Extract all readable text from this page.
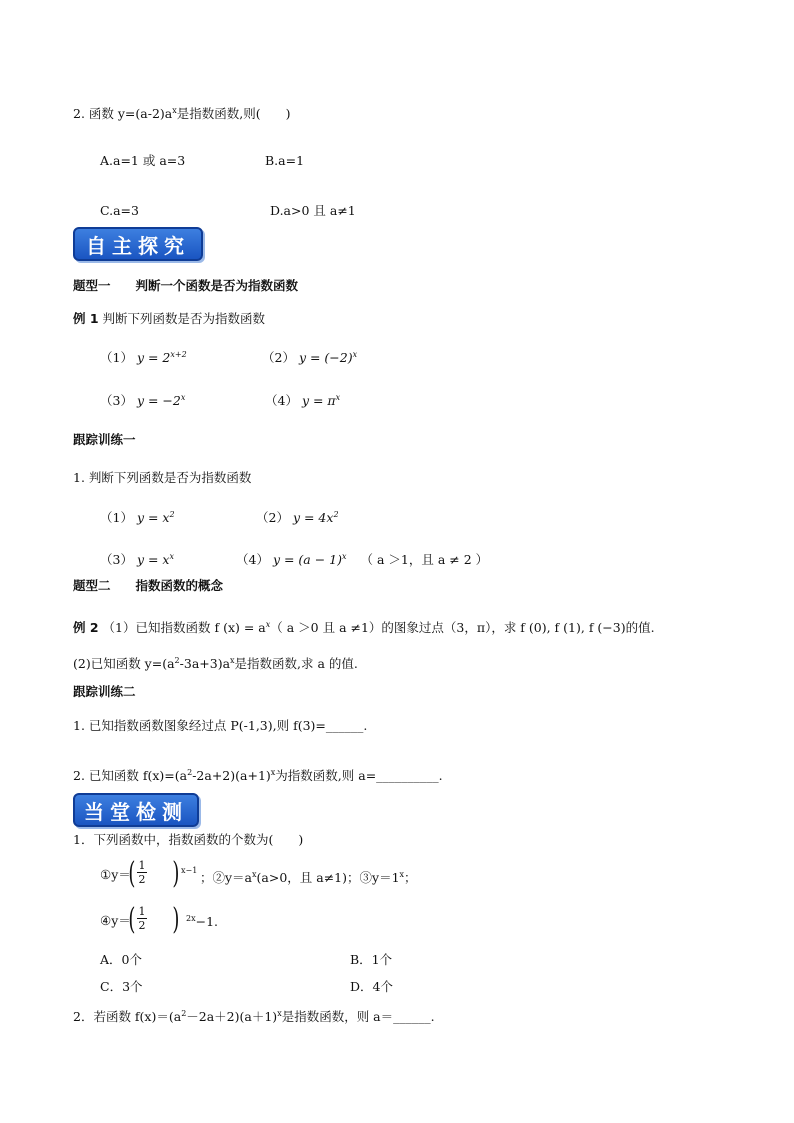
2. 函数 $y=(a-2)a^x$是指数函数,则(　　)
A.a=1 或 a=3	B.a=1
C.a=3	D.a>0 且 a≠1
自主探究
题型一　　判断一个函数是否为指数函数
例 1 判断下列函数是否为指数函数
（1） $y = 2^{x+2}$	（2） $y = (-2)^x$
（3） $y = -2^x$	（4） $y = \pi^x$
跟踪训练一
1. 判断下列函数是否为指数函数
（1） $y = x^2$	（2） $y = 4x^2$
（3） $y = x^x$	（4） $y = (a - 1)^x$ （ a ＞1，且 a ≠ 2 ）
题型二　　指数函数的概念
例 2 （1）已知指数函数 f $(x) = a^x$（ a ＞0 且 a ≠1）的图象过点（3，π），求 f (0), f (1), f (−3)的值.
(2)已知函数 $y=(a^2-3a+3)a^x$是指数函数,求 a 的值.
跟踪训练二
1. 已知指数函数图象经过点 P(-1,3),则 f(3)=______.
2. 已知函数 $f(x)=(a^2-2a+2)(a+1)^x$为指数函数,则 a=__________.
当堂检测
1．下列函数中，指数函数的个数为(　　)
①y＝
( 1
2 ) x−1 ；$②y=a^x(a>0$，且 a≠1)；$③y=1^x$；
④y＝
( 1
2 ) $^{2x}$−1.
A．0个	B．1个
C．3个	D．4个
2．若函数 $f(x)=(a^2-2a+2)(a+1)^x$是指数函数，则 a＝______.
